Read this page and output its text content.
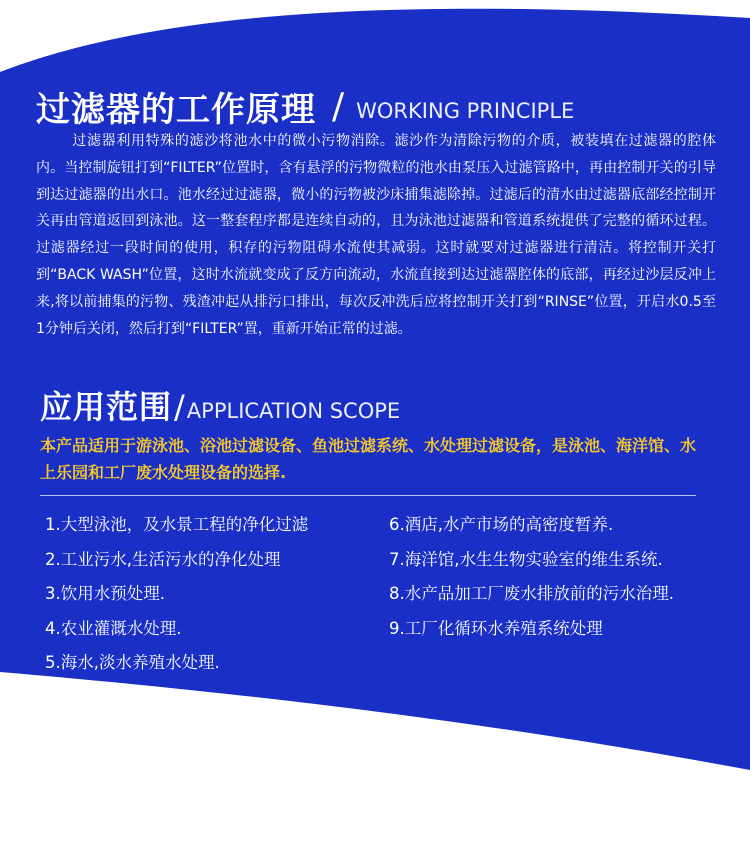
过滤器的工作原理 / WORKING PRINCIPLE

过滤器利用特殊的滤沙将池水中的微小污物消除。滤沙作为清除污物的介质，被装填在过滤器的腔体内。当控制旋钮打到“FILTER”位置时，含有悬浮的污物微粒的池水由泵压入过滤管路中，再由控制开关的引导到达过滤器的出水口。池水经过过滤器，微小的污物被沙床捕集滤除掉。过滤后的清水由过滤器底部经控制开关再由管道返回到泳池。这一整套程序都是连续自动的，且为泳池过滤器和管道系统提供了完整的循环过程。过滤器经过一段时间的使用，积存的污物阻碍水流使其减弱。这时就要对过滤器进行清洁。将控制开关打到“BACK WASH”位置，这时水流就变成了反方向流动，水流直接到达过滤器腔体的底部，再经过沙层反冲上来,将以前捕集的污物、残渣冲起从排污口排出，每次反冲洗后应将控制开关打到“RINSE”位置，开启水0.5至1分钟后关闭，然后打到“FILTER”置，重新开始正常的过滤。

应用范围 / APPLICATION SCOPE

本产品适用于游泳池、浴池过滤设备、鱼池过滤系统、水处理过滤设备，是泳池、海洋馆、水上乐园和工厂废水处理设备的选择.

1.大型泳池，及水景工程的净化过滤
2.工业污水,生活污水的净化处理
3.饮用水预处理.
4.农业灌溉水处理.
5.海水,淡水养殖水处理.
6.酒店,水产市场的高密度暂养.
7.海洋馆,水生生物实验室的维生系统.
8.水产品加工厂废水排放前的污水治理.
9.工厂化循环水养殖系统处理
